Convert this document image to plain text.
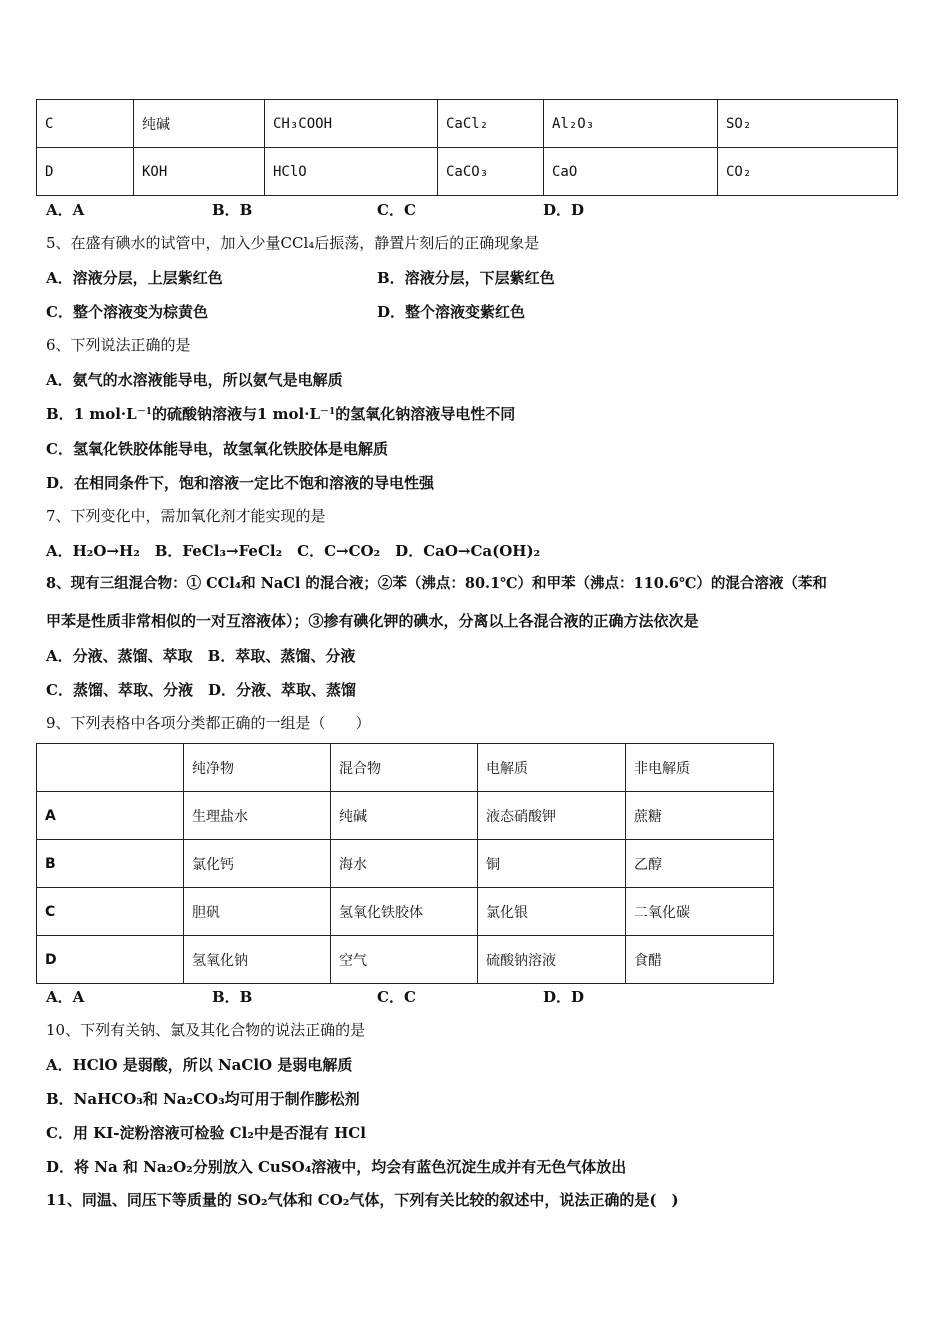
C	纯碱	CH₃COOH	CaCl₂	Al₂O₃	SO₂
D	KOH	HClO	CaCO₃	CaO	CO₂
A．A	B．B	C．C	D．D
5、在盛有碘水的试管中，加入少量CCl₄后振荡，静置片刻后的正确现象是
A．溶液分层，上层紫红色	B．溶液分层，下层紫红色
C．整个溶液变为棕黄色	D．整个溶液变紫红色
6、下列说法正确的是
A．氨气的水溶液能导电，所以氨气是电解质
B．1 $mol\cdot L^{-1}$的硫酸钠溶液与1 $mol\cdot L^{-1}$的氢氧化钠溶液导电性不同
C．氢氧化铁胶体能导电，故氢氧化铁胶体是电解质
D．在相同条件下，饱和溶液一定比不饱和溶液的导电性强
7、下列变化中，需加氧化剂才能实现的是
A．H₂O→H₂　B．FeCl₃→FeCl₂　C．C→CO₂　D．CaO→Ca(OH)₂
8、现有三组混合物：① CCl₄和 NaCl 的混合液；②苯（沸点：80.1℃）和甲苯（沸点：110.6℃）的混合溶液（苯和
甲苯是性质非常相似的一对互溶液体）；③掺有碘化钾的碘水，分离以上各混合液的正确方法依次是
A．分液、蒸馏、萃取　B．萃取、蒸馏、分液
C．蒸馏、萃取、分液　D．分液、萃取、蒸馏
9、下列表格中各项分类都正确的一组是（　　）
	纯净物	混合物	电解质	非电解质
A	生理盐水	纯碱	液态硝酸钾	蔗糖
B	氯化钙	海水	铜	乙醇
C	胆矾	氢氧化铁胶体	氯化银	二氧化碳
D	氢氧化钠	空气	硫酸钠溶液	食醋
A．A	B．B	C．C	D．D
10、下列有关钠、氯及其化合物的说法正确的是
A．HClO 是弱酸，所以 NaClO 是弱电解质
B．NaHCO₃和 Na₂CO₃均可用于制作膨松剂
C．用 KI-淀粉溶液可检验 Cl₂中是否混有 HCl
D．将 Na 和 Na₂O₂分别放入 CuSO₄溶液中，均会有蓝色沉淀生成并有无色气体放出
11、同温、同压下等质量的 SO₂气体和 CO₂气体，下列有关比较的叙述中，说法正确的是(　)
